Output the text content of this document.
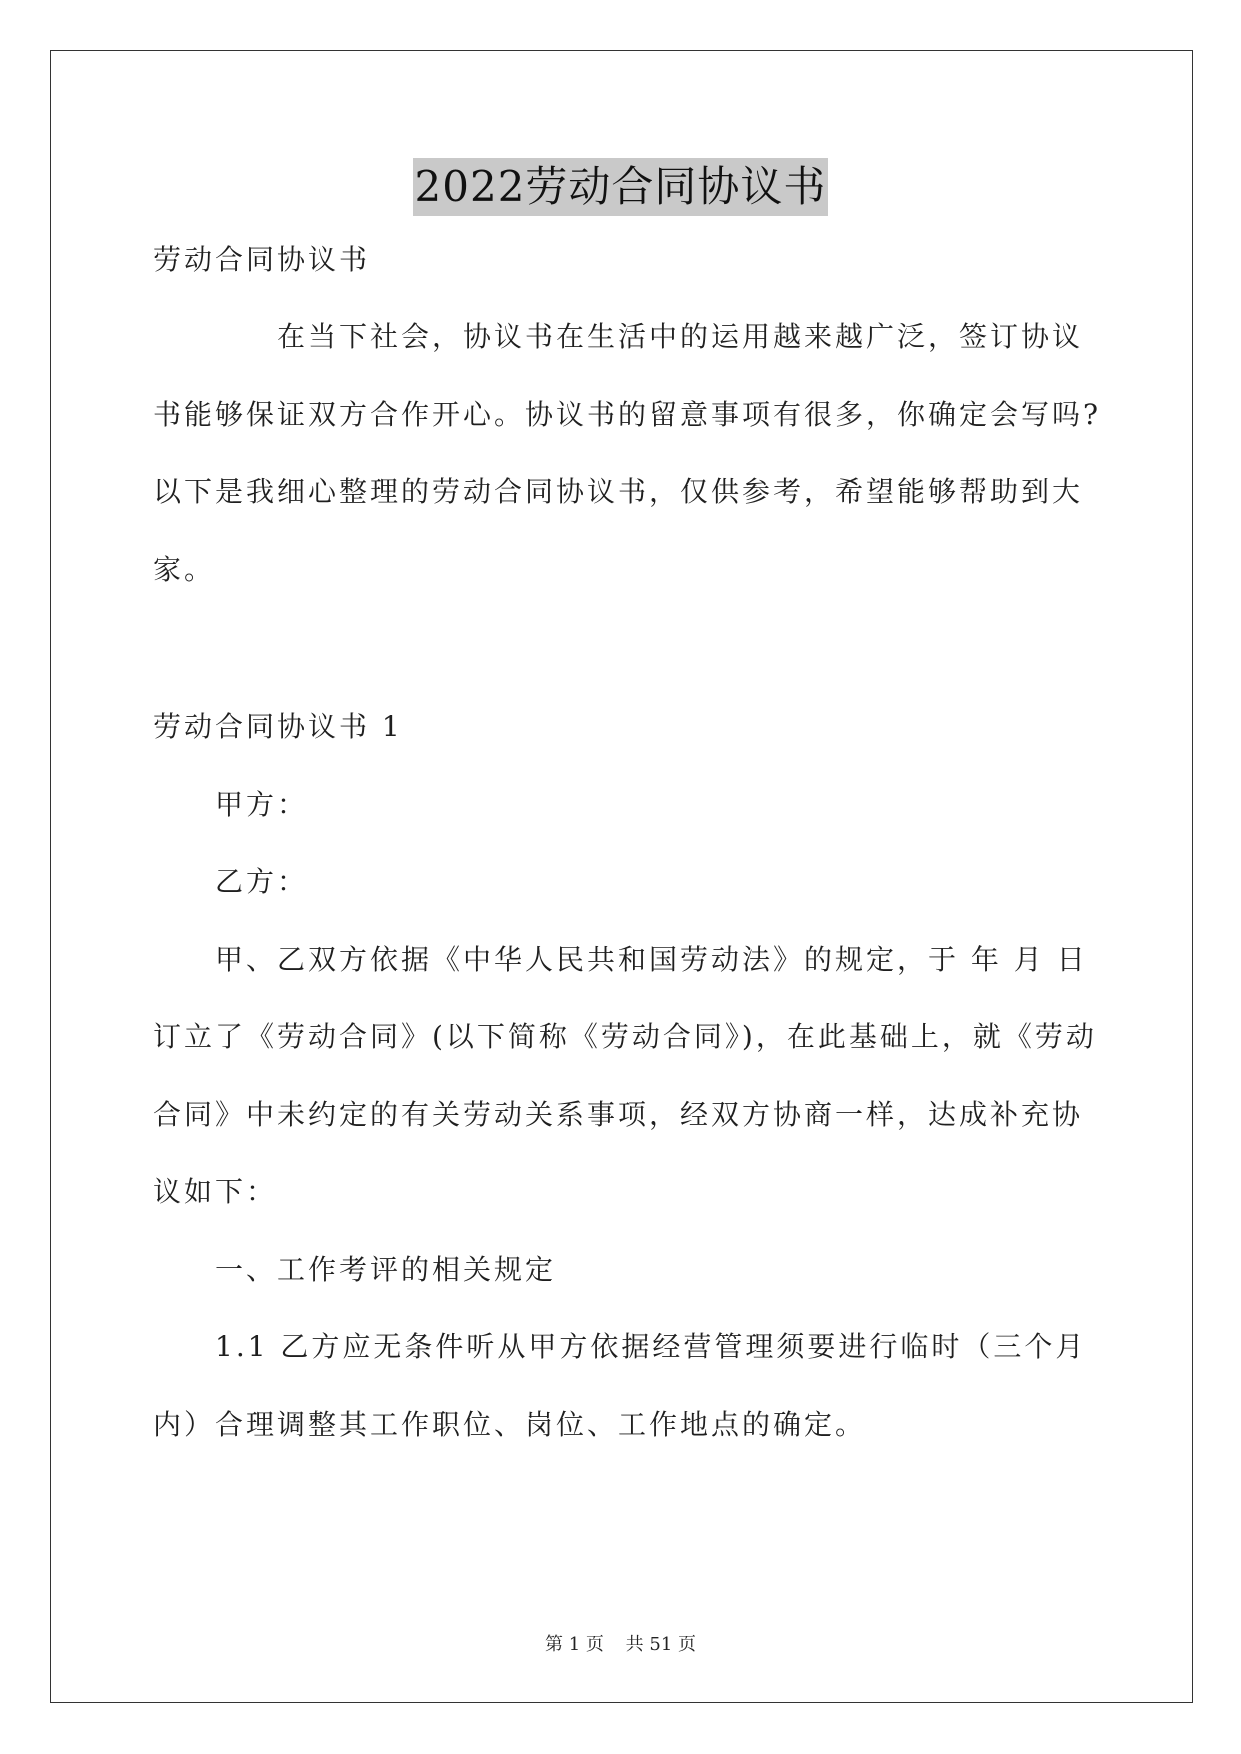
2022劳动合同协议书
劳动合同协议书
在当下社会，协议书在生活中的运用越来越广泛，签订协议
书能够保证双方合作开心。协议书的留意事项有很多，你确定会写吗?
以下是我细心整理的劳动合同协议书，仅供参考，希望能够帮助到大
家。
劳动合同协议书 1
甲方：
乙方：
甲、乙双方依据《中华人民共和国劳动法》的规定，于 年 月 日
订立了《劳动合同》(以下简称《劳动合同》)，在此基础上，就《劳动
合同》中未约定的有关劳动关系事项，经双方协商一样，达成补充协
议如下：
一、工作考评的相关规定
1.1 乙方应无条件听从甲方依据经营管理须要进行临时（三个月
内）合理调整其工作职位、岗位、工作地点的确定。
第 1 页 共 51 页
